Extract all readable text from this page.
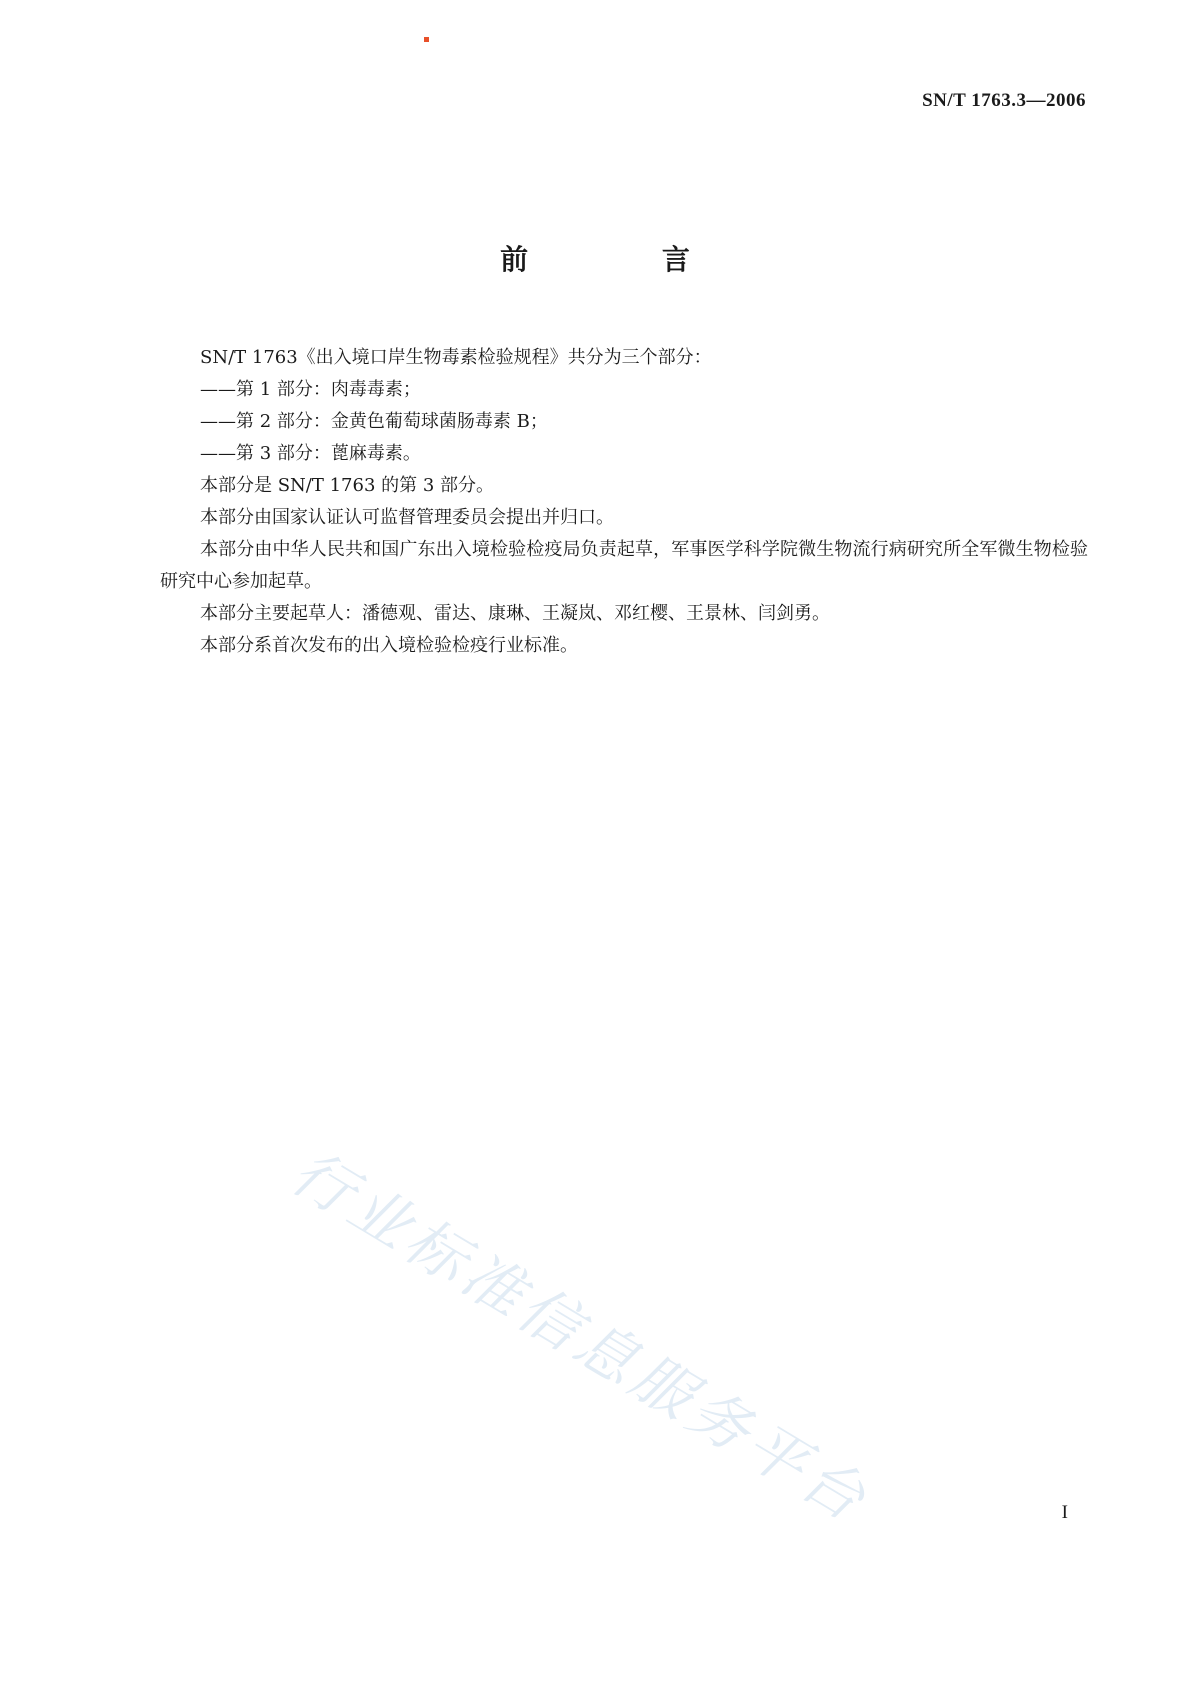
SN/T 1763.3—2006
前 言

SN/T 1763《出入境口岸生物毒素检验规程》共分为三个部分：

——第 1 部分：肉毒毒素；

——第 2 部分：金黄色葡萄球菌肠毒素 B；

——第 3 部分：蓖麻毒素。

本部分是 SN/T 1763 的第 3 部分。

本部分由国家认证认可监督管理委员会提出并归口。

本部分由中华人民共和国广东出入境检验检疫局负责起草，军事医学科学院微生物流行病研究所全军微生物检验研究中心参加起草。

本部分主要起草人：潘德观、雷达、康琳、王凝岚、邓红樱、王景林、闫剑勇。

本部分系首次发布的出入境检验检疫行业标准。

行业标准信息服务平台	I
